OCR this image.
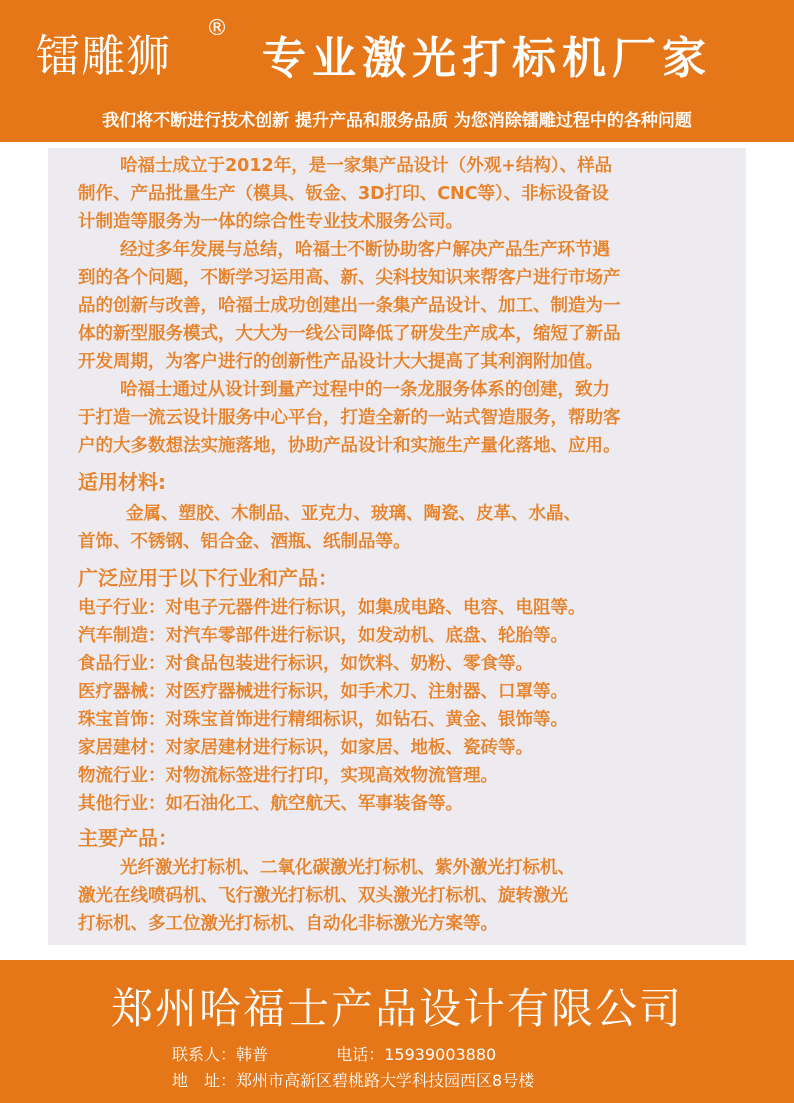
镭雕狮
®
专业激光打标机厂家
我们将不断进行技术创新 提升产品和服务品质 为您消除镭雕过程中的各种问题
哈福士成立于2012年，是一家集产品设计（外观+结构）、样品
制作、产品批量生产（模具、钣金、3D打印、CNC等）、非标设备设
计制造等服务为一体的综合性专业技术服务公司。
经过多年发展与总结，哈福士不断协助客户解决产品生产环节遇
到的各个问题，不断学习运用高、新、尖科技知识来帮客户进行市场产
品的创新与改善，哈福士成功创建出一条集产品设计、加工、制造为一
体的新型服务模式，大大为一线公司降低了研发生产成本，缩短了新品
开发周期，为客户进行的创新性产品设计大大提高了其利润附加值。
哈福士通过从设计到量产过程中的一条龙服务体系的创建，致力
于打造一流云设计服务中心平台，打造全新的一站式智造服务，帮助客
户的大多数想法实施落地，协助产品设计和实施生产量化落地、应用。
适用材料:
金属、塑胶、木制品、亚克力、玻璃、陶瓷、皮革、水晶、
首饰、不锈钢、铝合金、酒瓶、纸制品等。
广泛应用于以下行业和产品：
电子行业：对电子元器件进行标识，如集成电路、电容、电阻等。
汽车制造：对汽车零部件进行标识，如发动机、底盘、轮胎等。
食品行业：对食品包装进行标识，如饮料、奶粉、零食等。
医疗器械：对医疗器械进行标识，如手术刀、注射器、口罩等。
珠宝首饰：对珠宝首饰进行精细标识，如钻石、黄金、银饰等。
家居建材：对家居建材进行标识，如家居、地板、瓷砖等。
物流行业：对物流标签进行打印，实现高效物流管理。
其他行业：如石油化工、航空航天、军事装备等。
主要产品：
光纤激光打标机、二氧化碳激光打标机、紫外激光打标机、
激光在线喷码机、飞行激光打标机、双头激光打标机、旋转激光
打标机、多工位激光打标机、自动化非标激光方案等。
郑州哈福士产品设计有限公司
联系人：韩普	电话：15939003880
地　址：郑州市高新区碧桃路大学科技园西区8号楼
